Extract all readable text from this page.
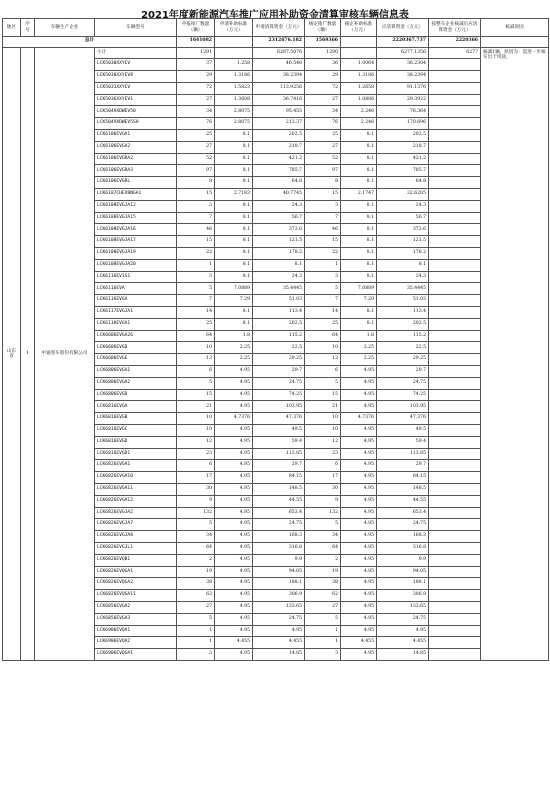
2021年度新能源汽车推广应用补助资金清算审核车辆信息表
地区	序号	车辆生产企业	车辆型号	申报推广数量（辆）	申请补助标准（万元）	申请清算资金（万元）	核定推广数量（辆）	核定补助标准（万元）	应清算资金（万元）	按整车企业核减后应清算资金（万元）	核减原因
总计				1641082		2312676.182	1569366		2220367.737	2220366	
山东省	1	中通客车股份有限公司	小计	1291		6287.5076	1290		6277.1356	6277	核减1辆，原因为：需进一步核实出于用途。
			LCK5030XXYEV	37	1.258	46.546	36	1.0064	36.2304		
			LCK5030XXYEV8	29	1.3186	38.2394	29	1.3186	38.2394		
			LCK5031XXYEV	72	1.5823	113.9256	72	1.2658	91.1376		
			LCK5036XXYEV1	27	1.3608	36.7416	27	1.0886	29.3922		
			LCK5049XDWEV50	34	2.8075	95.455	34	2.246	76.364		
			LCK5049XDWEV5SH	76	2.8075	213.37	76	2.246	170.696		
			LCK6106EVGA1	25	8.1	202.5	25	8.1	202.5		
			LCK6106EVGA2	27	8.1	218.7	27	8.1	218.7		
			LCK6106EVGRA2	52	8.1	421.2	52	8.1	421.2		
			LCK6106EVGRA3	97	8.1	785.7	97	8.1	785.7		
			LCK6106EVGRL	8	8.1	64.8	8	8.1	64.8		
			LCK6107CHEV8NGA1	15	2.7183	40.7745	15	2.1747	32.6205		
			LCK6108EVGJA12	3	8.1	24.3	3	8.1	24.3		
			LCK6108EVGJA15	7	8.1	56.7	7	8.1	56.7		
			LCK6108EVGJA16	46	8.1	372.6	46	8.1	372.6		
			LCK6108EVGJA17	15	8.1	121.5	15	8.1	121.5		
			LCK6108EVGJA19	22	8.1	178.2	22	8.1	178.2		
			LCK6108EVGJA20	1	8.1	8.1	1	8.1	8.1		
			LCK6116EV1S1	3	8.1	24.3	3	8.1	24.3		
			LCK6116EVA	5	7.0889	35.4445	5	7.0889	35.4445		
			LCK6116EVGA	7	7.29	51.03	7	7.29	51.03		
			LCK6117EVGJA1	14	8.1	113.4	14	8.1	113.4		
			LCK6118EVGA1	25	8.1	202.5	25	8.1	202.5		
			LCK6606EVGA26	64	1.8	115.2	64	1.8	115.2		
			LCK6606EVGD	10	2.25	22.5	10	2.25	22.5		
			LCK6606EVGE	13	2.25	29.25	13	2.25	29.25		
			LCK6806EVGA1	6	4.95	29.7	6	4.95	29.7		
			LCK6806EVGA2	5	4.95	24.75	5	4.95	24.75		
			LCK6806EVGD	15	4.95	74.25	15	4.95	74.25		
			LCK6816EVGA	21	4.95	103.95	21	4.95	103.95		
			LCK6816EVGB	10	4.7376	47.376	10	4.7376	47.376		
			LCK6816EVGC	10	4.95	49.5	10	4.95	49.5		
			LCK6816EVGD	12	4.95	59.4	12	4.95	59.4		
			LCK6816EVGD1	23	4.95	113.85	23	4.95	113.85		
			LCK6826EVGA1	6	4.95	29.7	6	4.95	29.7		
			LCK6826EVGA10	17	4.95	84.15	17	4.95	84.15		
			LCK6826EVGA11	30	4.95	148.5	30	4.95	148.5		
			LCK6826EVGA12	9	4.95	44.55	9	4.95	44.55		
			LCK6826EVGJA2	132	4.95	653.4	132	4.95	653.4		
			LCK6826EVGJA7	5	4.95	24.75	5	4.95	24.75		
			LCK6826EVGJA8	34	4.95	168.3	34	4.95	168.3		
			LCK6826EVGJL1	64	4.95	316.8	64	4.95	316.8		
			LCK6826EVQB1	2	4.95	9.9	2	4.95	9.9		
			LCK6826EVQGA1	19	4.95	94.05	19	4.95	94.05		
			LCK6826EVQGA2	38	4.95	188.1	38	4.95	188.1		
			LCK6826EVQGA11	62	4.95	306.9	62	4.95	306.9		
			LCK6856EVGA2	27	4.95	133.65	27	4.95	133.65		
			LCK6856EVGA3	5	4.95	24.75	5	4.95	24.75		
			LCK6906EVQA1	1	4.95	4.95	1	4.95	4.95		
			LCK6906EVQA2	1	4.455	4.455	1	4.455	4.455		
			LCK6906EVQGA1	3	4.95	14.85	3	4.95	14.85		
